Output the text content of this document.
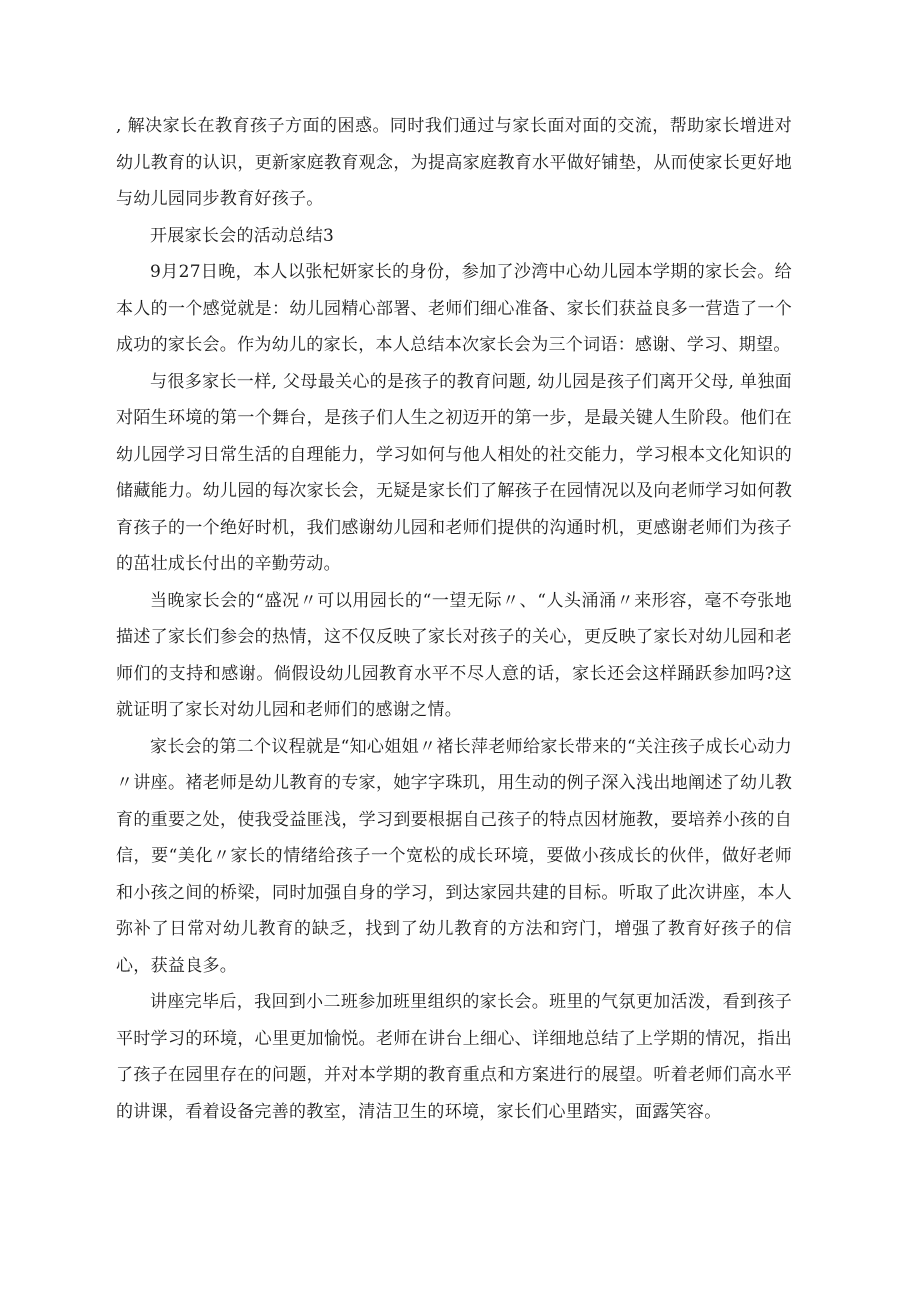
, 解决家长在教育孩子方面的困惑。同时我们通过与家长面对面的交流，帮助家长增进对幼儿教育的认识，更新家庭教育观念，为提高家庭教育水平做好铺垫，从而使家长更好地与幼儿园同步教育好孩子。

开展家长会的活动总结3

9月27日晚，本人以张杞妍家长的身份，参加了沙湾中心幼儿园本学期的家长会。给本人的一个感觉就是：幼儿园精心部署、老师们细心准备、家长们获益良多一营造了一个成功的家长会。作为幼儿的家长，本人总结本次家长会为三个词语：感谢、学习、期望。

与很多家长一样, 父母最关心的是孩子的教育问题, 幼儿园是孩子们离开父母, 单独面对陌生环境的第一个舞台，是孩子们人生之初迈开的第一步，是最关键人生阶段。他们在幼儿园学习日常生活的自理能力，学习如何与他人相处的社交能力，学习根本文化知识的储藏能力。幼儿园的每次家长会，无疑是家长们了解孩子在园情况以及向老师学习如何教育孩子的一个绝好时机，我们感谢幼儿园和老师们提供的沟通时机，更感谢老师们为孩子的茁壮成长付出的辛勤劳动。

当晚家长会的“盛况〃可以用园长的“一望无际〃、“人头涌涌〃来形容，毫不夸张地描述了家长们参会的热情，这不仅反映了家长对孩子的关心，更反映了家长对幼儿园和老师们的支持和感谢。倘假设幼儿园教育水平不尽人意的话，家长还会这样踊跃参加吗?这就证明了家长对幼儿园和老师们的感谢之情。

家长会的第二个议程就是“知心姐姐〃褚长萍老师给家长带来的“关注孩子成长心动力〃讲座。褚老师是幼儿教育的专家，她字字珠玑，用生动的例子深入浅出地阐述了幼儿教育的重要之处，使我受益匪浅，学习到要根据自己孩子的特点因材施教，要培养小孩的自信，要“美化〃家长的情绪给孩子一个宽松的成长环境，要做小孩成长的伙伴，做好老师和小孩之间的桥梁，同时加强自身的学习，到达家园共建的目标。听取了此次讲座，本人弥补了日常对幼儿教育的缺乏，找到了幼儿教育的方法和窍门，增强了教育好孩子的信心，获益良多。

讲座完毕后，我回到小二班参加班里组织的家长会。班里的气氛更加活泼，看到孩子平时学习的环境，心里更加愉悦。老师在讲台上细心、详细地总结了上学期的情况，指出了孩子在园里存在的问题，并对本学期的教育重点和方案进行的展望。听着老师们高水平的讲课，看着设备完善的教室，清洁卫生的环境，家长们心里踏实，面露笑容。
